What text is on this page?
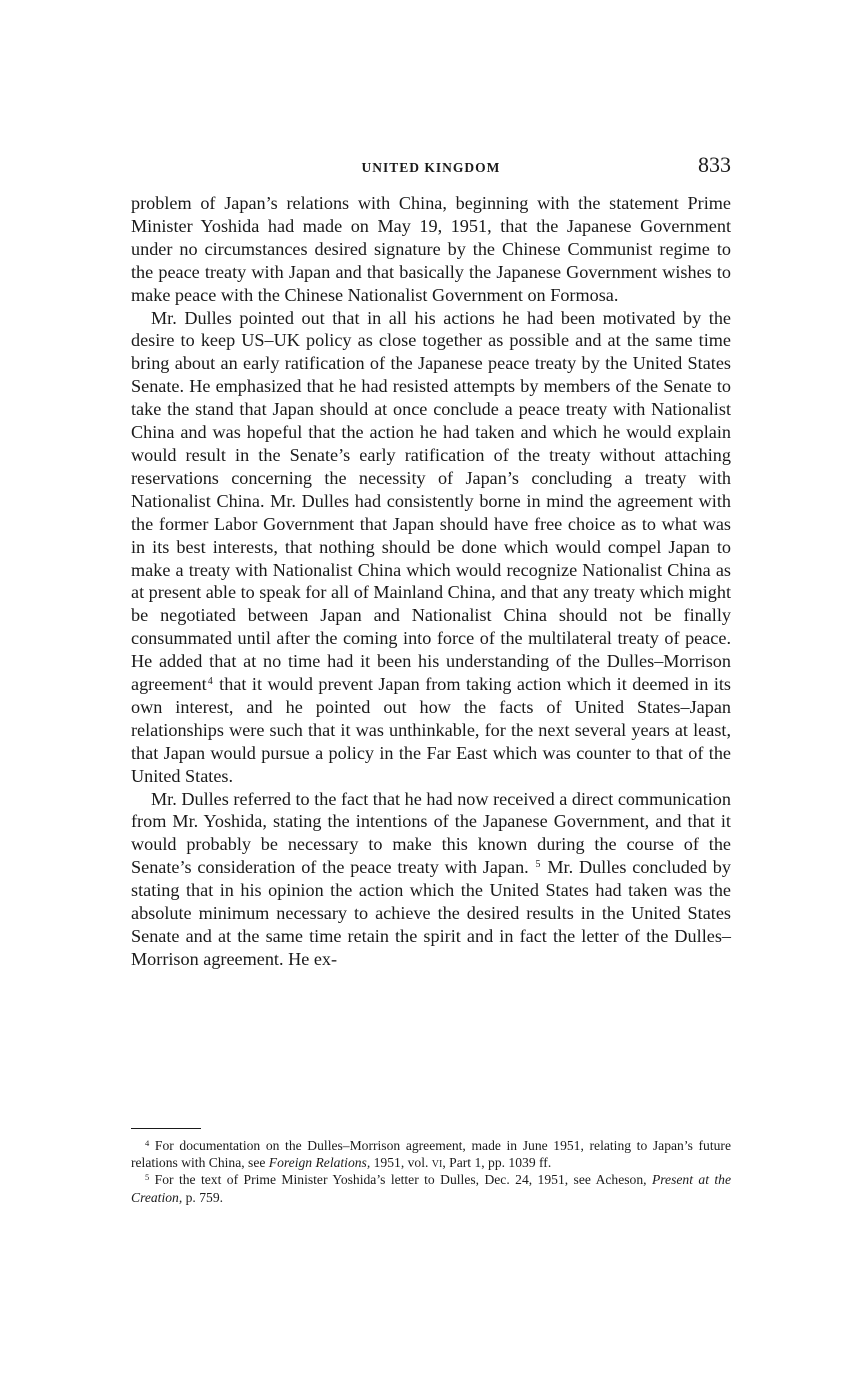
UNITED KINGDOM	833

problem of Japan’s relations with China, beginning with the statement Prime Minister Yoshida had made on May 19, 1951, that the Japanese Government under no circumstances desired signature by the Chinese Communist regime to the peace treaty with Japan and that basically the Japanese Government wishes to make peace with the Chinese Nationalist Government on Formosa.

Mr. Dulles pointed out that in all his actions he had been motivated by the desire to keep US–UK policy as close together as possible and at the same time bring about an early ratification of the Japanese peace treaty by the United States Senate. He emphasized that he had resisted attempts by members of the Senate to take the stand that Japan should at once conclude a peace treaty with Nationalist China and was hopeful that the action he had taken and which he would explain would result in the Senate’s early ratification of the treaty without attaching reservations concerning the necessity of Japan’s concluding a treaty with Nationalist China. Mr. Dulles had consistently borne in mind the agreement with the former Labor Government that Japan should have free choice as to what was in its best interests, that nothing should be done which would compel Japan to make a treaty with Nationalist China which would recognize Nationalist China as at present able to speak for all of Mainland China, and that any treaty which might be negotiated between Japan and Nationalist China should not be finally consummated until after the coming into force of the multilateral treaty of peace. He added that at no time had it been his understanding of the Dulles–Morrison agreement$^4$ that it would prevent Japan from taking action which it deemed in its own interest, and he pointed out how the facts of United States–Japan relationships were such that it was unthinkable, for the next several years at least, that Japan would pursue a policy in the Far East which was counter to that of the United States.

Mr. Dulles referred to the fact that he had now received a direct communication from Mr. Yoshida, stating the intentions of the Japanese Government, and that it would probably be necessary to make this known during the course of the Senate’s consideration of the peace treaty with Japan. $^5$ Mr. Dulles concluded by stating that in his opinion the action which the United States had taken was the absolute minimum necessary to achieve the desired results in the United States Senate and at the same time retain the spirit and in fact the letter of the Dulles–Morrison agreement. He ex-

$^4$ For documentation on the Dulles–Morrison agreement, made in June 1951, relating to Japan’s future relations with China, see Foreign Relations, 1951, vol. vi, Part 1, pp. 1039 ff.

$^5$ For the text of Prime Minister Yoshida’s letter to Dulles, Dec. 24, 1951, see Acheson, Present at the Creation, p. 759.
